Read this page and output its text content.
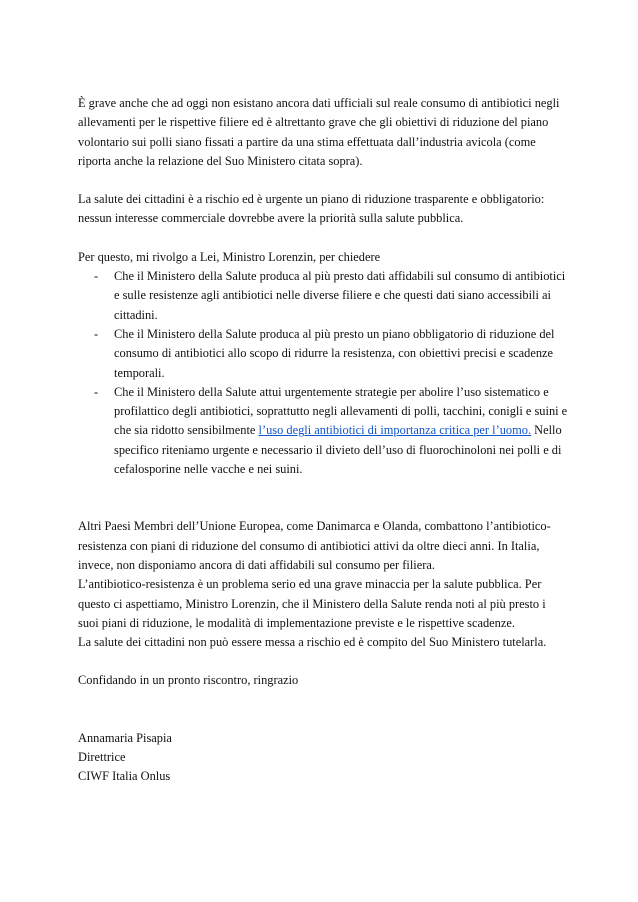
È grave anche che ad oggi non esistano ancora dati ufficiali sul reale consumo di antibiotici negli allevamenti per le rispettive filiere ed è altrettanto grave che gli obiettivi di riduzione del piano volontario sui polli siano fissati a partire da una stima effettuata dall’industria avicola (come riporta anche la relazione del Suo Ministero citata sopra).

La salute dei cittadini è a rischio ed è urgente un piano di riduzione trasparente e obbligatorio: nessun interesse commerciale dovrebbe avere la priorità sulla salute pubblica.

Per questo, mi rivolgo a Lei, Ministro Lorenzin, per chiedere

- Che il Ministero della Salute produca al più presto dati affidabili sul consumo di antibiotici e sulle resistenze agli antibiotici nelle diverse filiere e che questi dati siano accessibili ai cittadini.
- Che il Ministero della Salute produca al più presto un piano obbligatorio di riduzione del consumo di antibiotici allo scopo di ridurre la resistenza, con obiettivi precisi e scadenze temporali.
- Che il Ministero della Salute attui urgentemente strategie per abolire l’uso sistematico e profilattico degli antibiotici, soprattutto negli allevamenti di polli, tacchini, conigli e suini e che sia ridotto sensibilmente l’uso degli antibiotici di importanza critica per l’uomo. Nello specifico riteniamo urgente e necessario il divieto dell’uso di fluorochinoloni nei polli e di cefalosporine nelle vacche e nei suini.

Altri Paesi Membri dell’Unione Europea, come Danimarca e Olanda, combattono l’antibiotico-resistenza con piani di riduzione del consumo di antibiotici attivi da oltre dieci anni. In Italia, invece, non disponiamo ancora di dati affidabili sul consumo per filiera.

L’antibiotico-resistenza è un problema serio ed una grave minaccia per la salute pubblica. Per questo ci aspettiamo, Ministro Lorenzin, che il Ministero della Salute renda noti al più presto i suoi piani di riduzione, le modalità di implementazione previste e le rispettive scadenze.

La salute dei cittadini non può essere messa a rischio ed è compito del Suo Ministero tutelarla.

Confidando in un pronto riscontro, ringrazio

Annamaria Pisapia

Direttrice

CIWF Italia Onlus
